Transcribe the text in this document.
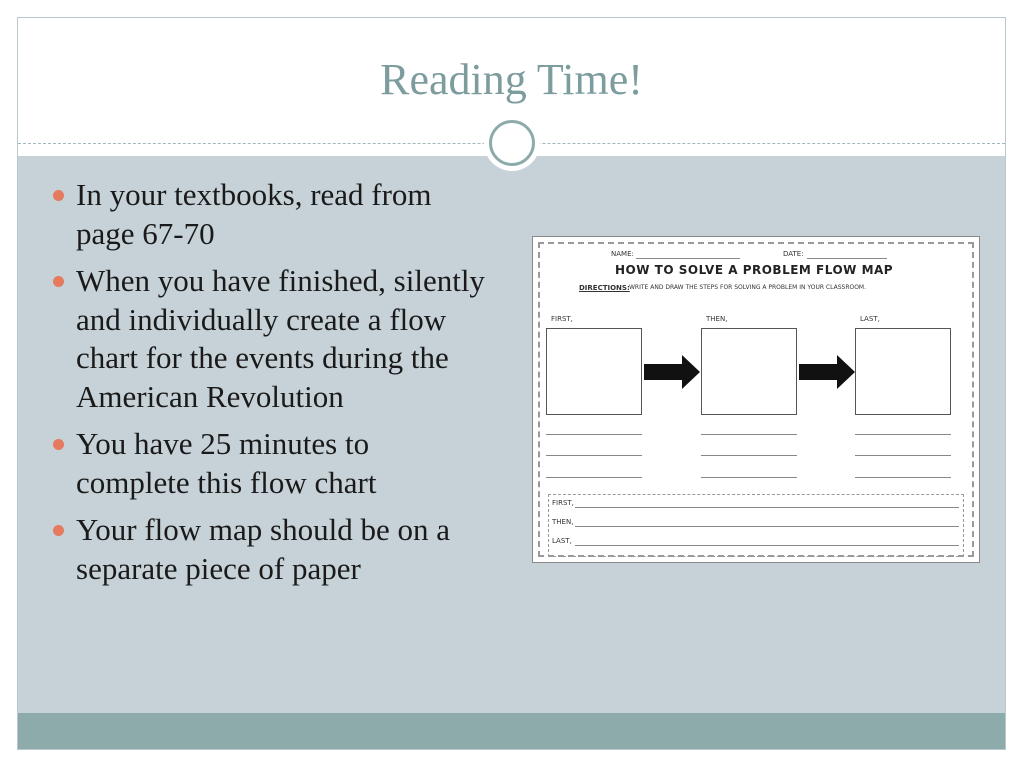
Reading Time!
In your textbooks, read from page 67-70
When you have finished, silently and individually create a flow chart for the events during the American Revolution
You have 25 minutes to complete this flow chart
Your flow map should be on a separate piece of paper
NAME:	DATE:
HOW TO SOLVE A PROBLEM FLOW MAP
DIRECTIONS: WRITE AND DRAW THE STEPS FOR SOLVING A PROBLEM IN YOUR CLASSROOM.
FIRST,	THEN,	LAST,
FIRST,
THEN,
LAST,
